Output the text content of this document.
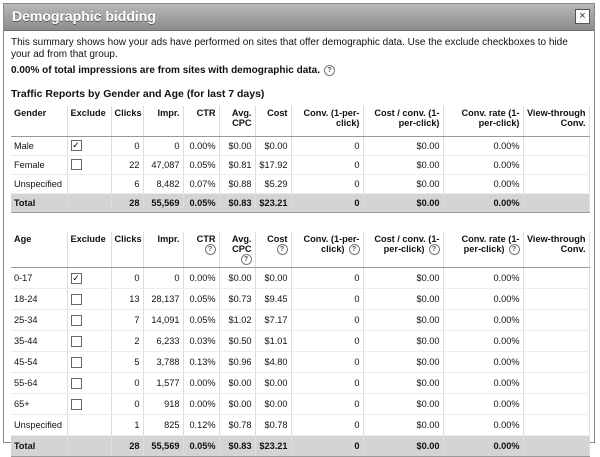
Demographic bidding	×
This summary shows how your ads have performed on sites that offer demographic data. Use the exclude checkboxes to hide your ad from that group.
0.00% of total impressions are from sites with demographic data. ?
Traffic Reports by Gender and Age (for last 7 days)
Gender	Exclude	Clicks	Impr.	CTR	Avg. CPC	Cost	Conv. (1-per-click)	Cost / conv. (1-per-click)	Conv. rate (1-per-click)	View-through Conv.
Male	✓	0	0	0.00%	$0.00	$0.00	0	$0.00	0.00%	
Female		22	47,087	0.05%	$0.81	$17.92	0	$0.00	0.00%	
Unspecified		6	8,482	0.07%	$0.88	$5.29	0	$0.00	0.00%	
Total		28	55,569	0.05%	$0.83	$23.21	0	$0.00	0.00%	
Age	Exclude	Clicks	Impr.	CTR?	Avg. CPC?	Cost?	Conv. (1-per-click) ?	Cost / conv. (1-per-click) ?	Conv. rate (1-per-click) ?	View-through Conv.
0-17	✓	0	0	0.00%	$0.00	$0.00	0	$0.00	0.00%	
18-24		13	28,137	0.05%	$0.73	$9.45	0	$0.00	0.00%	
25-34		7	14,091	0.05%	$1.02	$7.17	0	$0.00	0.00%	
35-44		2	6,233	0.03%	$0.50	$1.01	0	$0.00	0.00%	
45-54		5	3,788	0.13%	$0.96	$4.80	0	$0.00	0.00%	
55-64		0	1,577	0.00%	$0.00	$0.00	0	$0.00	0.00%	
65+		0	918	0.00%	$0.00	$0.00	0	$0.00	0.00%	
Unspecified		1	825	0.12%	$0.78	$0.78	0	$0.00	0.00%	
Total		28	55,569	0.05%	$0.83	$23.21	0	$0.00	0.00%	
